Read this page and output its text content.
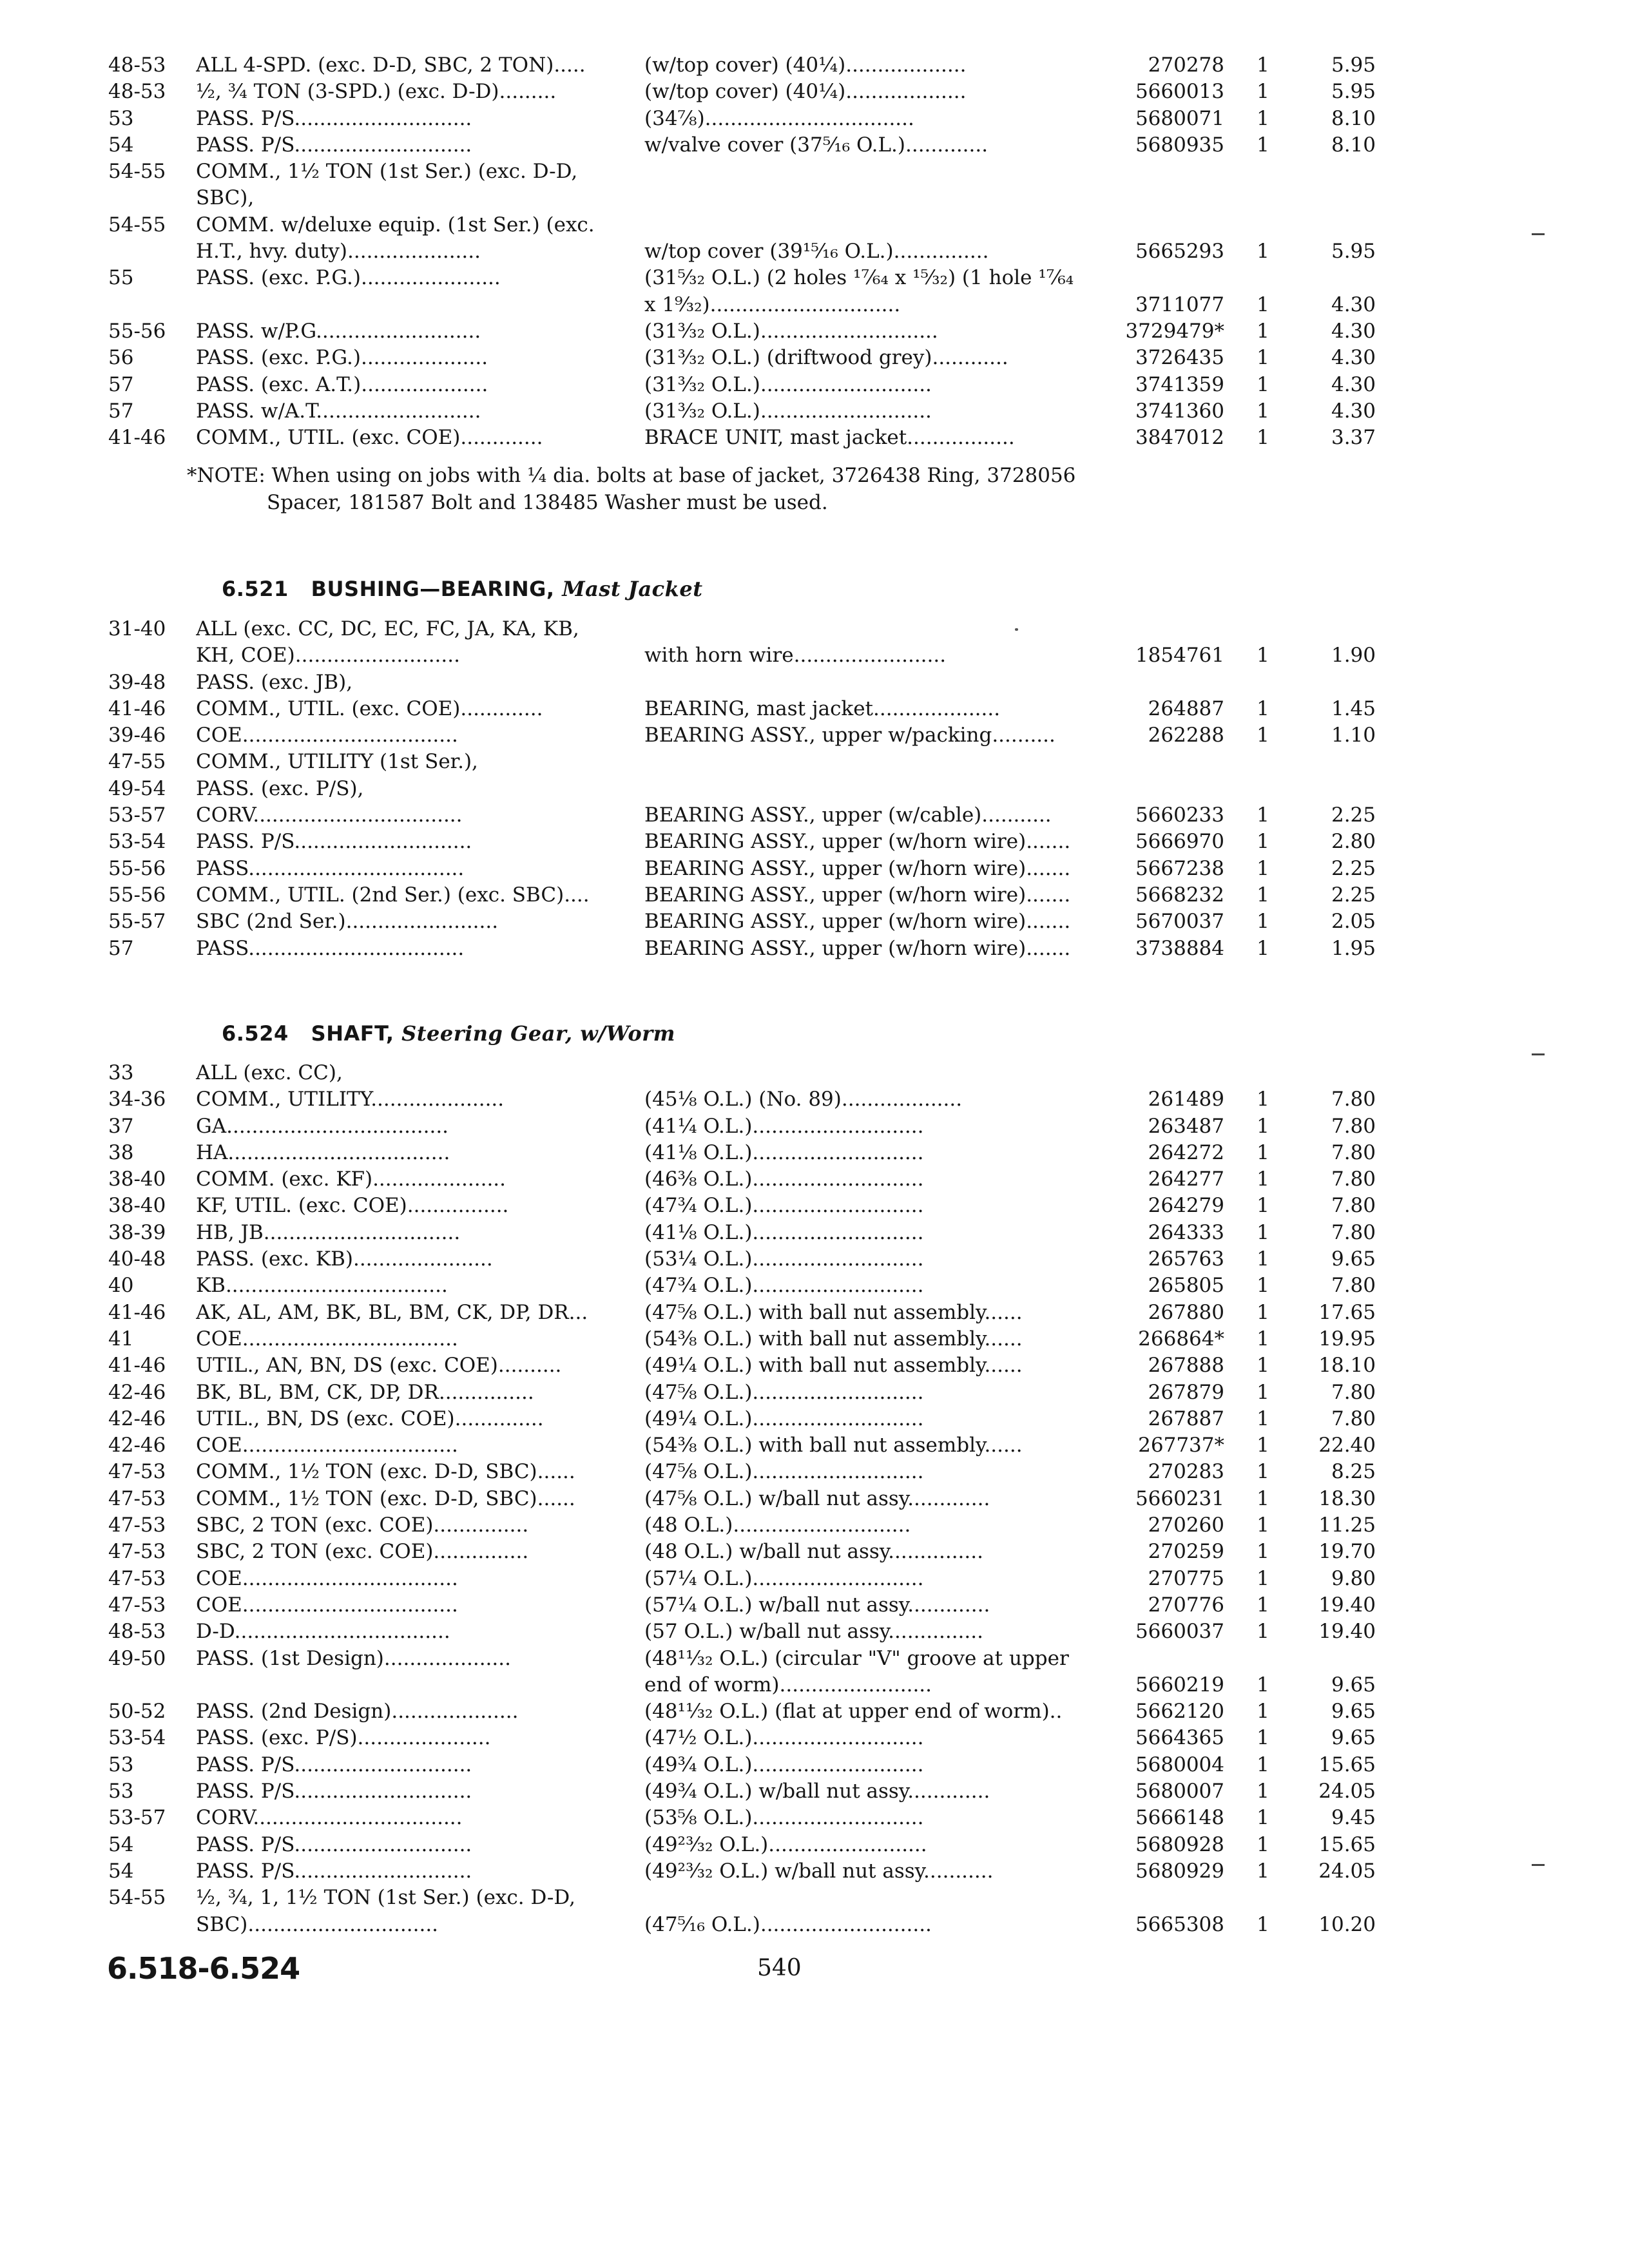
48-53	ALL 4-SPD. (exc. D-D, SBC, 2 TON).....	(w/top cover) (40¼)...................	270278	1	5.95
48-53	½, ¾ TON (3-SPD.) (exc. D-D).........	(w/top cover) (40¼)...................	5660013	1	5.95
53	PASS. P/S............................	(34⅞).................................	5680071	1	8.10
54	PASS. P/S............................	w/valve cover (37⁵⁄₁₆ O.L.).............	5680935	1	8.10
54-55	COMM., 1½ TON (1st Ser.) (exc. D-D,
SBC),
54-55	COMM. w/deluxe equip. (1st Ser.) (exc.
H.T., hvy. duty).....................	w/top cover (39¹⁵⁄₁₆ O.L.)...............	5665293	1	5.95
55	PASS. (exc. P.G.)......................	(31⁵⁄₃₂ O.L.) (2 holes ¹⁷⁄₆₄ x ¹⁵⁄₃₂) (1 hole ¹⁷⁄₆₄
x 1⁹⁄₃₂)..............................	3711077	1	4.30
55-56	PASS. w/P.G..........................	(31³⁄₃₂ O.L.)............................	3729479*	1	4.30
56	PASS. (exc. P.G.)....................	(31³⁄₃₂ O.L.) (driftwood grey)............	3726435	1	4.30
57	PASS. (exc. A.T.)....................	(31³⁄₃₂ O.L.)...........................	3741359	1	4.30
57	PASS. w/A.T..........................	(31³⁄₃₂ O.L.)...........................	3741360	1	4.30
41-46	COMM., UTIL. (exc. COE).............	BRACE UNIT, mast jacket.................	3847012	1	3.37
*NOTE: When using on jobs with ¼ dia. bolts at base of jacket, 3726438 Ring, 3728056
Spacer, 181587 Bolt and 138485 Washer must be used.
6.521 BUSHING—BEARING, Mast Jacket
31-40	ALL (exc. CC, DC, EC, FC, JA, KA, KB,
KH, COE)..........................	with horn wire........................	1854761	1	1.90
39-48	PASS. (exc. JB),
41-46	COMM., UTIL. (exc. COE).............	BEARING, mast jacket....................	264887	1	1.45
39-46	COE..................................	BEARING ASSY., upper w/packing..........	262288	1	1.10
47-55	COMM., UTILITY (1st Ser.),
49-54	PASS. (exc. P/S),
53-57	CORV.................................	BEARING ASSY., upper (w/cable)...........	5660233	1	2.25
53-54	PASS. P/S............................	BEARING ASSY., upper (w/horn wire).......	5666970	1	2.80
55-56	PASS..................................	BEARING ASSY., upper (w/horn wire).......	5667238	1	2.25
55-56	COMM., UTIL. (2nd Ser.) (exc. SBC)....	BEARING ASSY., upper (w/horn wire).......	5668232	1	2.25
55-57	SBC (2nd Ser.)........................	BEARING ASSY., upper (w/horn wire).......	5670037	1	2.05
57	PASS..................................	BEARING ASSY., upper (w/horn wire).......	3738884	1	1.95
6.524 SHAFT, Steering Gear, w/Worm
33	ALL (exc. CC),
34-36	COMM., UTILITY.....................	(45⅛ O.L.) (No. 89)...................	261489	1	7.80
37	GA...................................	(41¼ O.L.)...........................	263487	1	7.80
38	HA...................................	(41⅛ O.L.)...........................	264272	1	7.80
38-40	COMM. (exc. KF).....................	(46⅜ O.L.)...........................	264277	1	7.80
38-40	KF, UTIL. (exc. COE)................	(47¾ O.L.)...........................	264279	1	7.80
38-39	HB, JB...............................	(41⅛ O.L.)...........................	264333	1	7.80
40-48	PASS. (exc. KB)......................	(53¼ O.L.)...........................	265763	1	9.65
40	KB...................................	(47¾ O.L.)...........................	265805	1	7.80
41-46	AK, AL, AM, BK, BL, BM, CK, DP, DR...	(47⅝ O.L.) with ball nut assembly......	267880	1	17.65
41	COE..................................	(54⅜ O.L.) with ball nut assembly......	266864*	1	19.95
41-46	UTIL., AN, BN, DS (exc. COE)..........	(49¼ O.L.) with ball nut assembly......	267888	1	18.10
42-46	BK, BL, BM, CK, DP, DR...............	(47⅝ O.L.)...........................	267879	1	7.80
42-46	UTIL., BN, DS (exc. COE)..............	(49¼ O.L.)...........................	267887	1	7.80
42-46	COE..................................	(54⅜ O.L.) with ball nut assembly......	267737*	1	22.40
47-53	COMM., 1½ TON (exc. D-D, SBC)......	(47⅝ O.L.)...........................	270283	1	8.25
47-53	COMM., 1½ TON (exc. D-D, SBC)......	(47⅝ O.L.) w/ball nut assy.............	5660231	1	18.30
47-53	SBC, 2 TON (exc. COE)...............	(48 O.L.)............................	270260	1	11.25
47-53	SBC, 2 TON (exc. COE)...............	(48 O.L.) w/ball nut assy...............	270259	1	19.70
47-53	COE..................................	(57¼ O.L.)...........................	270775	1	9.80
47-53	COE..................................	(57¼ O.L.) w/ball nut assy.............	270776	1	19.40
48-53	D-D..................................	(57 O.L.) w/ball nut assy...............	5660037	1	19.40
49-50	PASS. (1st Design)....................	(48¹¹⁄₃₂ O.L.) (circular "V" groove at upper
end of worm)........................	5660219	1	9.65
50-52	PASS. (2nd Design)....................	(48¹¹⁄₃₂ O.L.) (flat at upper end of worm)..	5662120	1	9.65
53-54	PASS. (exc. P/S).....................	(47½ O.L.)...........................	5664365	1	9.65
53	PASS. P/S............................	(49¾ O.L.)...........................	5680004	1	15.65
53	PASS. P/S............................	(49¾ O.L.) w/ball nut assy.............	5680007	1	24.05
53-57	CORV.................................	(53⅝ O.L.)...........................	5666148	1	9.45
54	PASS. P/S............................	(49²³⁄₃₂ O.L.).........................	5680928	1	15.65
54	PASS. P/S............................	(49²³⁄₃₂ O.L.) w/ball nut assy...........	5680929	1	24.05
54-55	½, ¾, 1, 1½ TON (1st Ser.) (exc. D-D,
SBC)..............................	(47⁵⁄₁₆ O.L.)...........................	5665308	1	10.20
6.518-6.524	540
